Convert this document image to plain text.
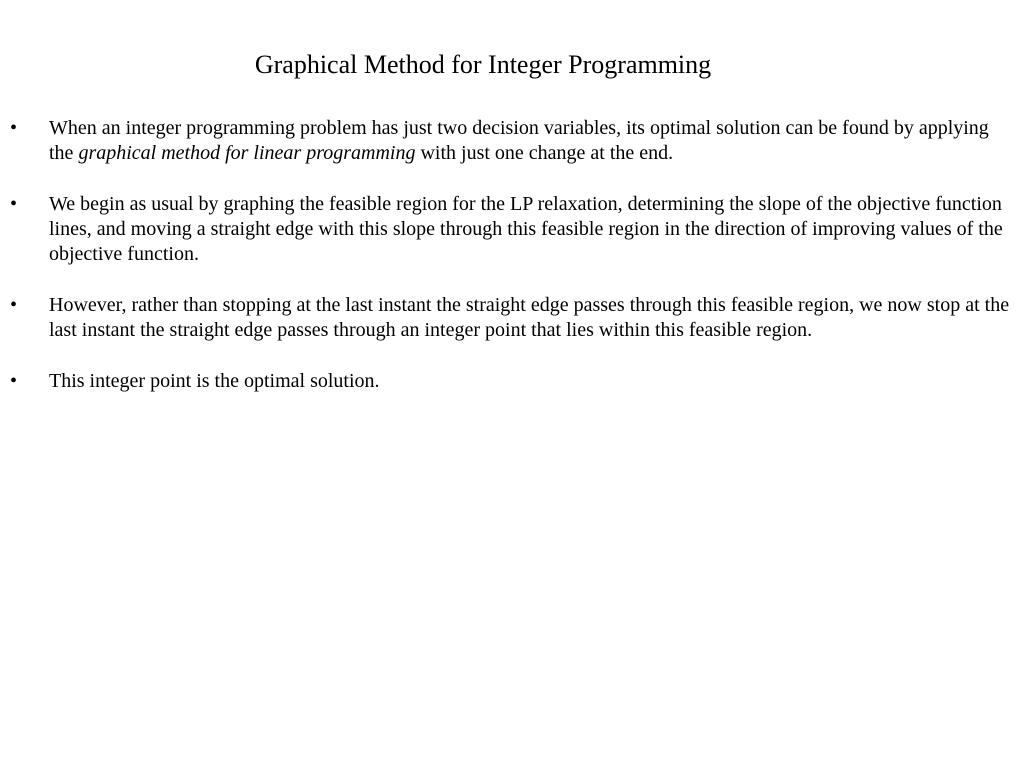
Graphical Method for Integer Programming
• When an integer programming problem has just two decision variables, its optimal solution can be found by applying the graphical method for linear programming with just one change at the end.
• We begin as usual by graphing the feasible region for the LP relaxation, determining the slope of the objective function lines, and moving a straight edge with this slope through this feasible region in the direction of improving values of the objective function.
• However, rather than stopping at the last instant the straight edge passes through this feasible region, we now stop at the last instant the straight edge passes through an integer point that lies within this feasible region.
• This integer point is the optimal solution.
